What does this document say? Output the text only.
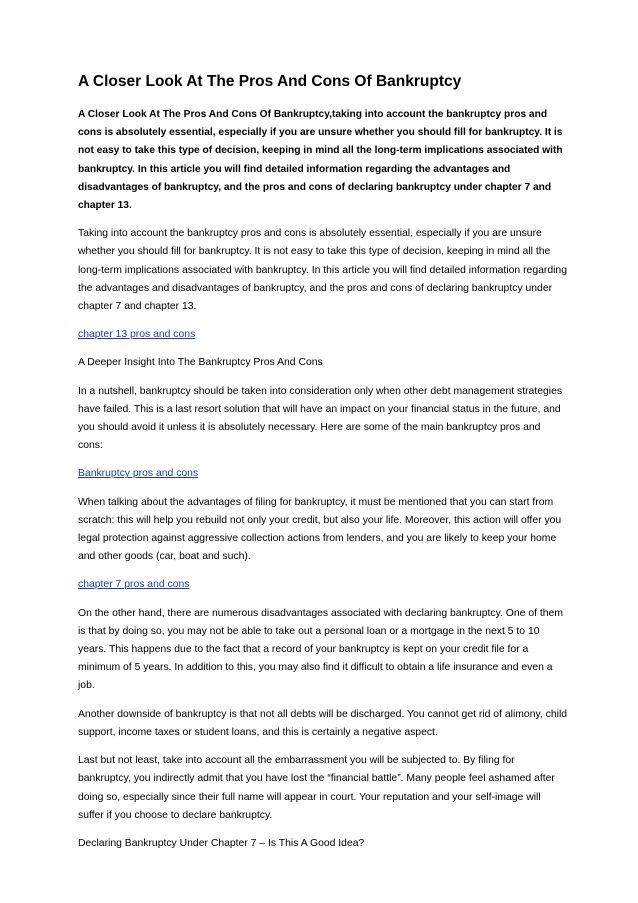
A Closer Look At The Pros And Cons Of Bankruptcy

A Closer Look At The Pros And Cons Of Bankruptcy,taking into account the bankruptcy pros and cons is absolutely essential, especially if you are unsure whether you should fill for bankruptcy. It is not easy to take this type of decision, keeping in mind all the long-term implications associated with bankruptcy. In this article you will find detailed information regarding the advantages and disadvantages of bankruptcy, and the pros and cons of declaring bankruptcy under chapter 7 and chapter 13.

Taking into account the bankruptcy pros and cons is absolutely essential, especially if you are unsure whether you should fill for bankruptcy. It is not easy to take this type of decision, keeping in mind all the long-term implications associated with bankruptcy. In this article you will find detailed information regarding the advantages and disadvantages of bankruptcy, and the pros and cons of declaring bankruptcy under chapter 7 and chapter 13.

chapter 13 pros and cons

A Deeper Insight Into The Bankruptcy Pros And Cons

In a nutshell, bankruptcy should be taken into consideration only when other debt management strategies have failed. This is a last resort solution that will have an impact on your financial status in the future, and you should avoid it unless it is absolutely necessary. Here are some of the main bankruptcy pros and cons:

Bankruptcy pros and cons

When talking about the advantages of filing for bankruptcy, it must be mentioned that you can start from scratch: this will help you rebuild not only your credit, but also your life. Moreover, this action will offer you legal protection against aggressive collection actions from lenders, and you are likely to keep your home and other goods (car, boat and such).

chapter 7 pros and cons

On the other hand, there are numerous disadvantages associated with declaring bankruptcy. One of them is that by doing so, you may not be able to take out a personal loan or a mortgage in the next 5 to 10 years. This happens due to the fact that a record of your bankruptcy is kept on your credit file for a minimum of 5 years. In addition to this, you may also find it difficult to obtain a life insurance and even a job.

Another downside of bankruptcy is that not all debts will be discharged. You cannot get rid of alimony, child support, income taxes or student loans, and this is certainly a negative aspect.

Last but not least, take into account all the embarrassment you will be subjected to. By filing for bankruptcy, you indirectly admit that you have lost the “financial battle”. Many people feel ashamed after doing so, especially since their full name will appear in court. Your reputation and your self-image will suffer if you choose to declare bankruptcy.

Declaring Bankruptcy Under Chapter 7 – Is This A Good Idea?
